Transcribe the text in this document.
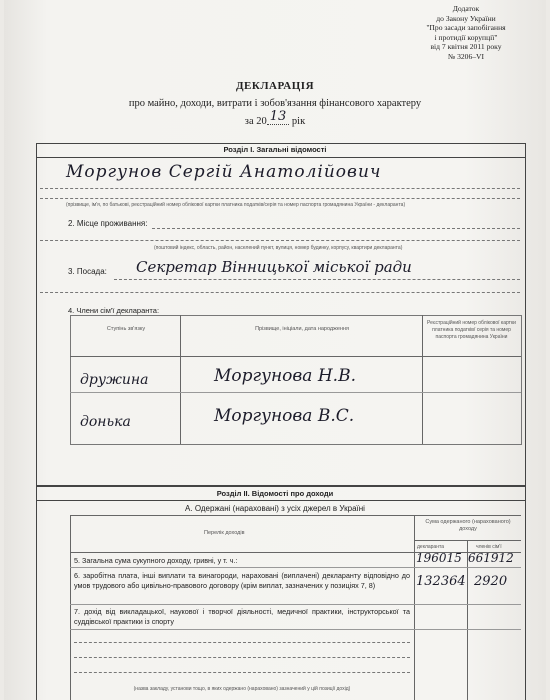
Додаток
до Закону України
"Про засади запобігання
і протидії корупції"
від 7 квітня 2011 року
№ 3206–VI
ДЕКЛАРАЦІЯ
про майно, доходи, витрати і зобов'язання фінансового характеру
за 20 13 рік
Розділ І. Загальні відомості
Моргунов Сергій Анатолійович
(прізвище, ім'я, по батькові, реєстраційний номер облікової картки платника податків/серія та номер паспорта громадянина України - декларанта)
2. Місце проживання:
(поштовий індекс, область, район, населений пункт, вулиця, номер будинку, корпусу, квартири декларанта)
3. Посада: Секретар Вінницької міської ради
4. Члени сім'ї декларанта:
Ступінь зв'язку	Прізвище, ініціали, дата народження
Реєстраційний номер облікової картки платника податків/ серія та номер паспорта громадянина України
дружина	Моргунова Н.В.
донька	Моргунова В.С.
Розділ ІІ. Відомості про доходи
А. Одержані (нараховані) з усіх джерел в Україні
Перелік доходів
Сума одержаного (нарахованого) доходу
декларанта	членів сім'ї
5. Загальна сума сукупного доходу, гривні, у т. ч.:	196015 661912
6. заробітна плата, інші виплати та винагороди, нараховані (виплачені) декларанту відповідно до умов трудового або цивільно-правового договору (крім виплат, зазначених у позиціях 7, 8)	132364 2920
7. дохід від викладацької, наукової і творчої діяльності, медичної практики, інструкторської та суддівської практики із спорту
(назва закладу, установи тощо, в яких одержано (нараховано) зазначений у цій позиції дохід)
